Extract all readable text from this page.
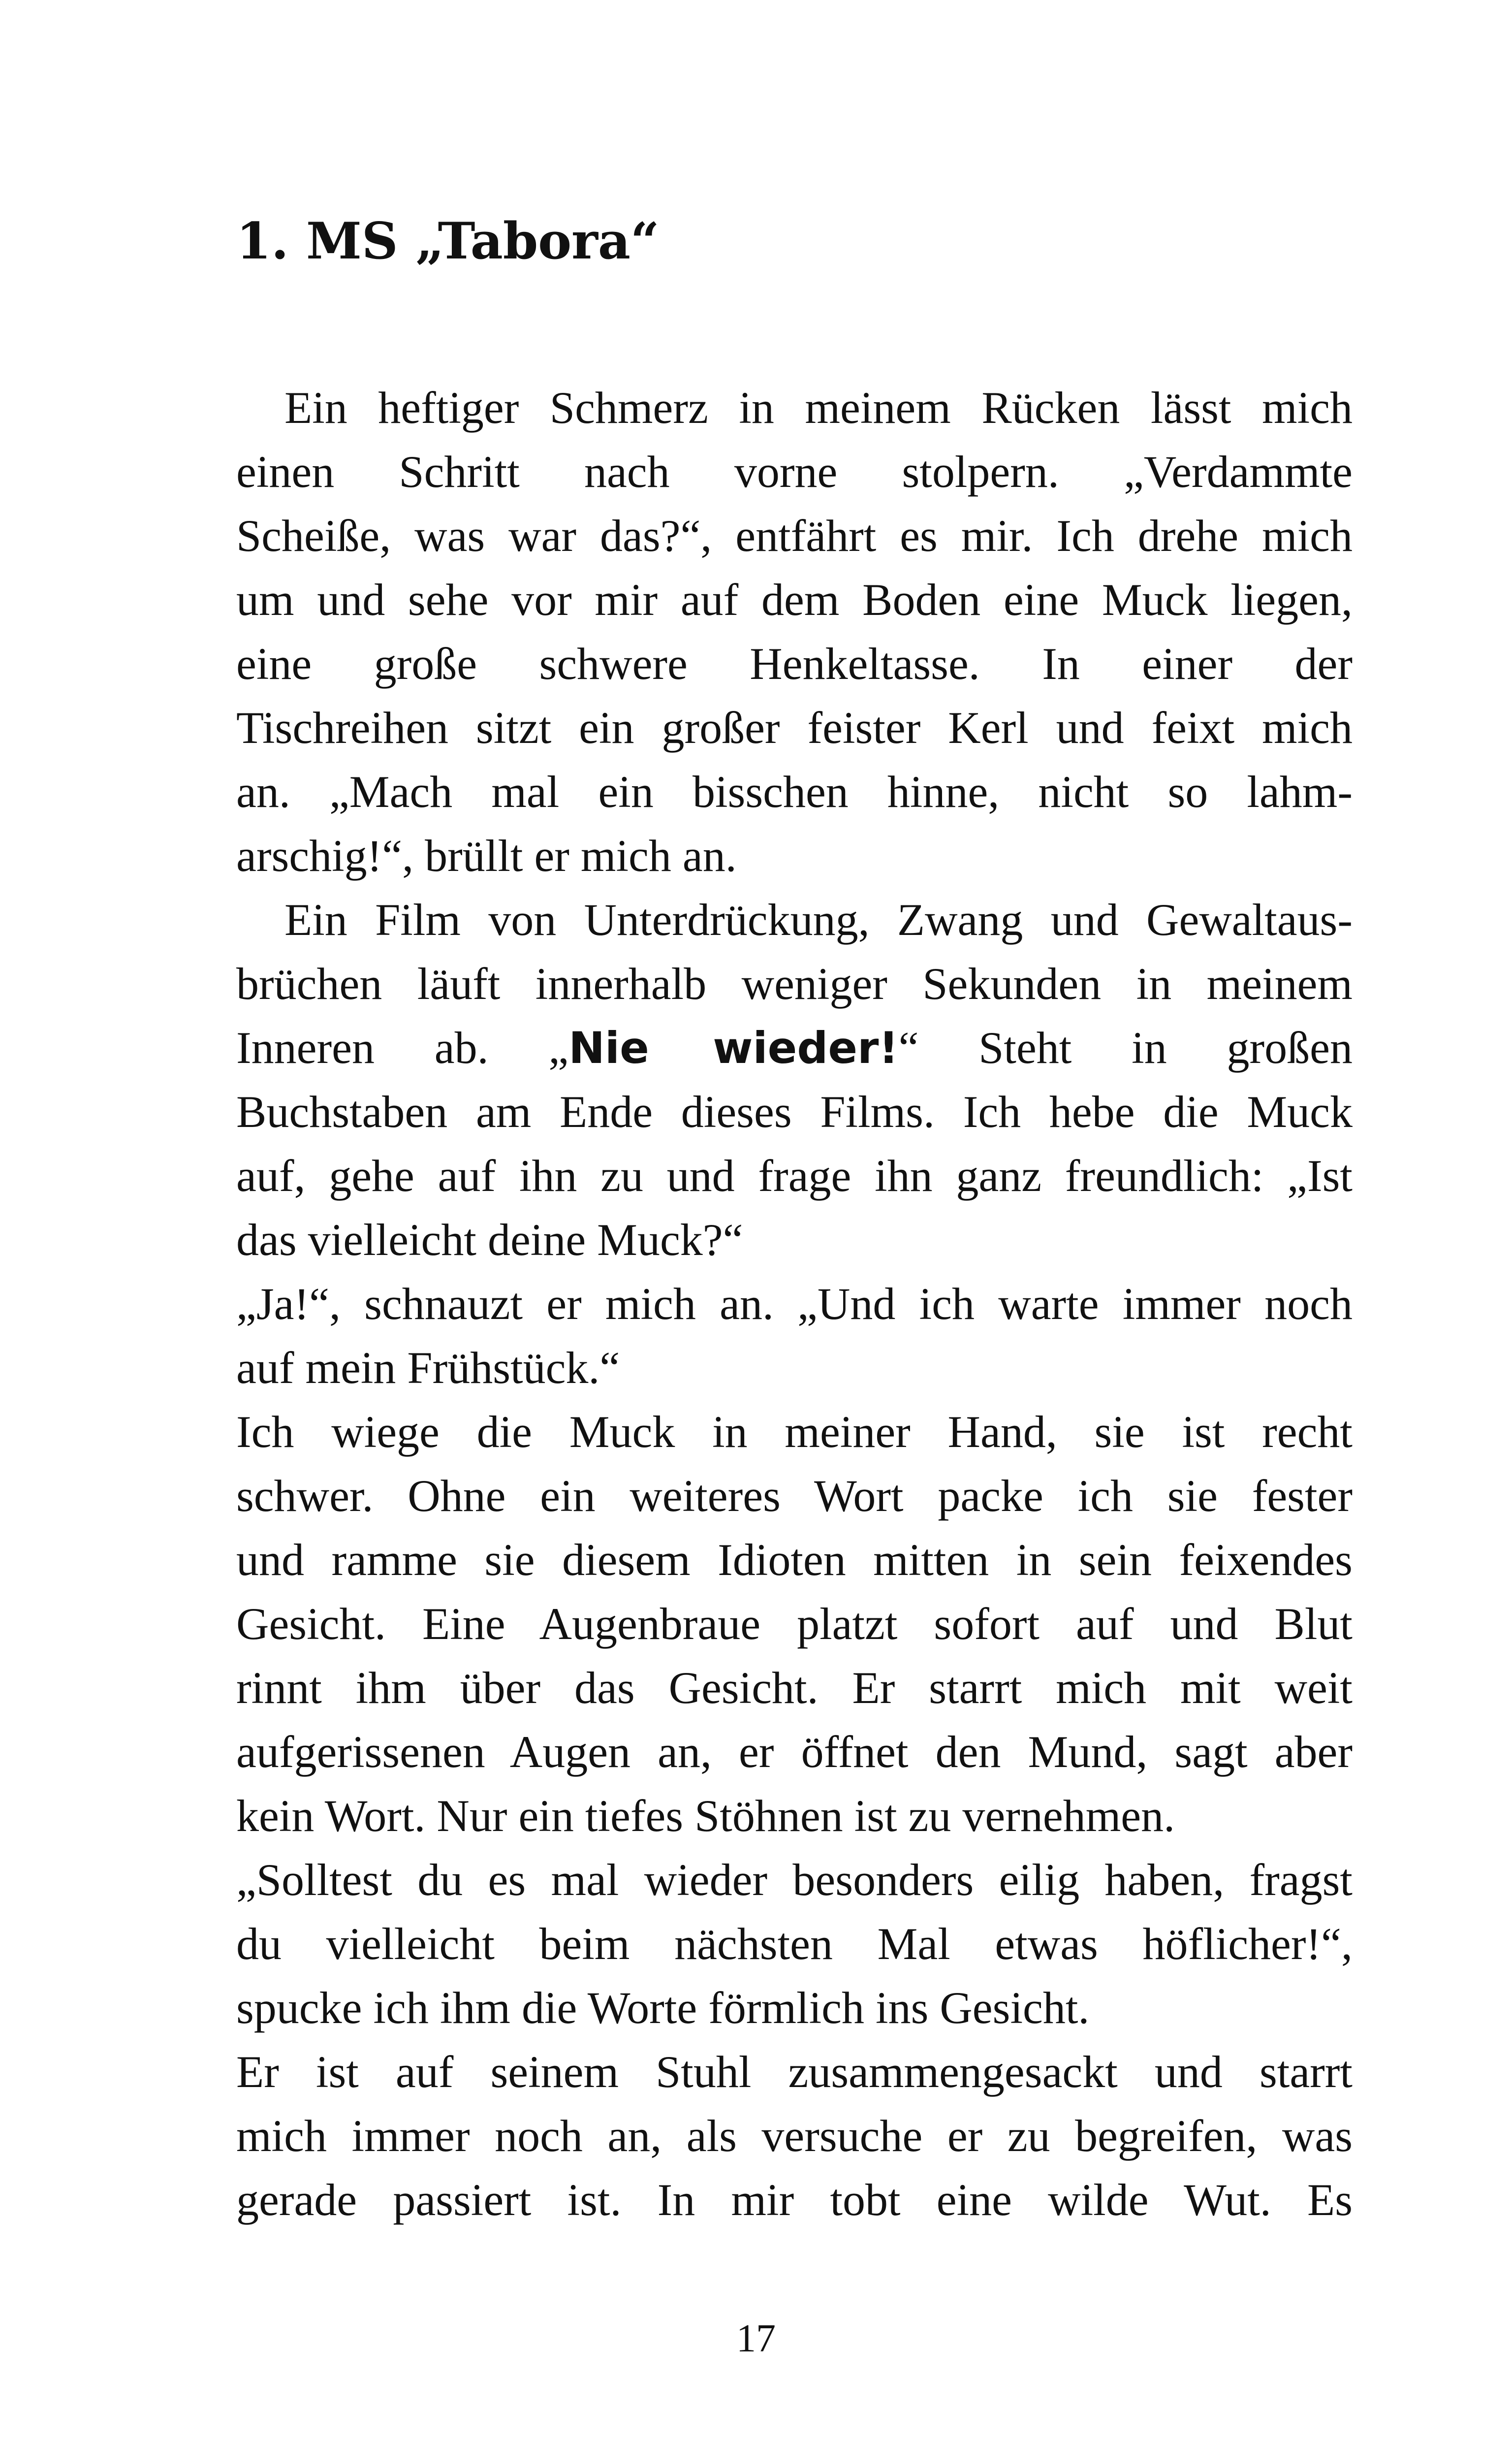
1. MS „Tabora“
Ein heftiger Schmerz in meinem Rücken lässt mich
einen Schritt nach vorne stolpern. „Verdammte
Scheiße, was war das?“, entfährt es mir. Ich drehe mich
um und sehe vor mir auf dem Boden eine Muck liegen,
eine große schwere Henkeltasse. In einer der
Tischreihen sitzt ein großer feister Kerl und feixt mich
an. „Mach mal ein bisschen hinne, nicht so lahm-
arschig!“, brüllt er mich an.
Ein Film von Unterdrückung, Zwang und Gewaltaus-
brüchen läuft innerhalb weniger Sekunden in meinem
Inneren ab. „Nie wieder!“ Steht in großen
Buchstaben am Ende dieses Films. Ich hebe die Muck
auf, gehe auf ihn zu und frage ihn ganz freundlich: „Ist
das vielleicht deine Muck?“
„Ja!“, schnauzt er mich an. „Und ich warte immer noch
auf mein Frühstück.“
Ich wiege die Muck in meiner Hand, sie ist recht
schwer. Ohne ein weiteres Wort packe ich sie fester
und ramme sie diesem Idioten mitten in sein feixendes
Gesicht. Eine Augenbraue platzt sofort auf und Blut
rinnt ihm über das Gesicht. Er starrt mich mit weit
aufgerissenen Augen an, er öffnet den Mund, sagt aber
kein Wort. Nur ein tiefes Stöhnen ist zu vernehmen.
„Solltest du es mal wieder besonders eilig haben, fragst
du vielleicht beim nächsten Mal etwas höflicher!“,
spucke ich ihm die Worte förmlich ins Gesicht.
Er ist auf seinem Stuhl zusammengesackt und starrt
mich immer noch an, als versuche er zu begreifen, was
gerade passiert ist. In mir tobt eine wilde Wut. Es
17
